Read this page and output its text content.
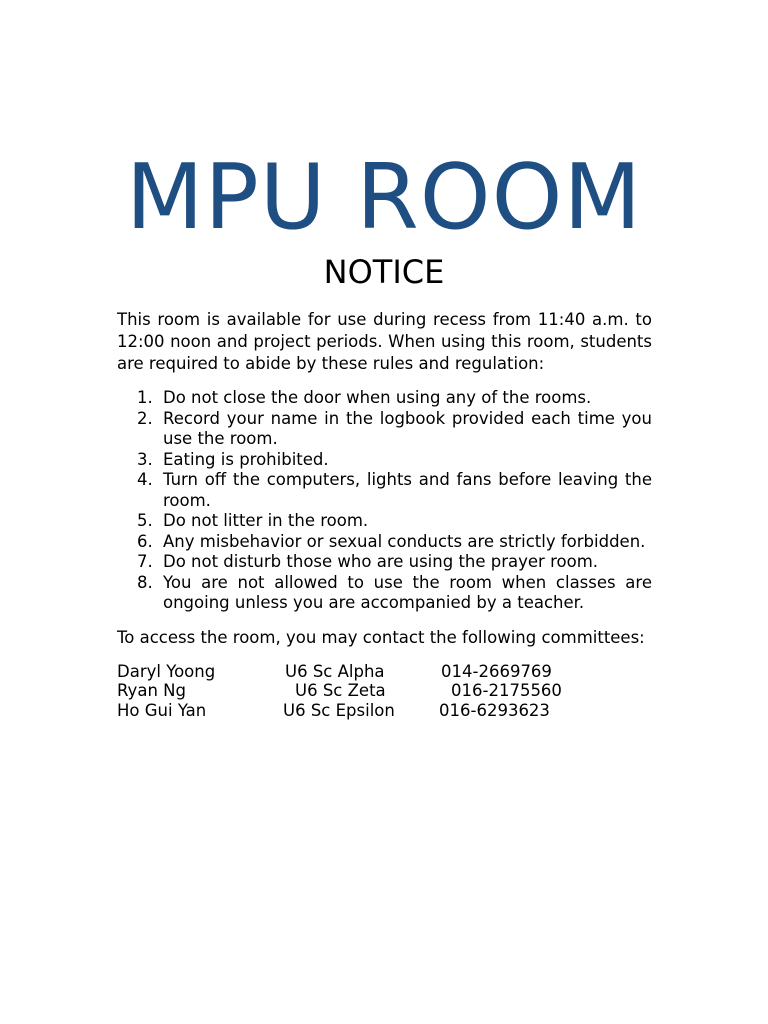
MPU ROOM
NOTICE

This room is available for use during recess from 11:40 a.m. to 12:00 noon and project periods. When using this room, students are required to abide by these rules and regulation:

1. Do not close the door when using any of the rooms.
2. Record your name in the logbook provided each time you use the room.
3. Eating is prohibited.
4. Turn off the computers, lights and fans before leaving the room.
5. Do not litter in the room.
6. Any misbehavior or sexual conducts are strictly forbidden.
7. Do not disturb those who are using the prayer room.
8. You are not allowed to use the room when classes are ongoing unless you are accompanied by a teacher.

To access the room, you may contact the following committees:

Daryl Yoong	U6 Sc Alpha	014-2669769
Ryan Ng	U6 Sc Zeta	016-2175560
Ho Gui Yan	U6 Sc Epsilon	016-6293623
